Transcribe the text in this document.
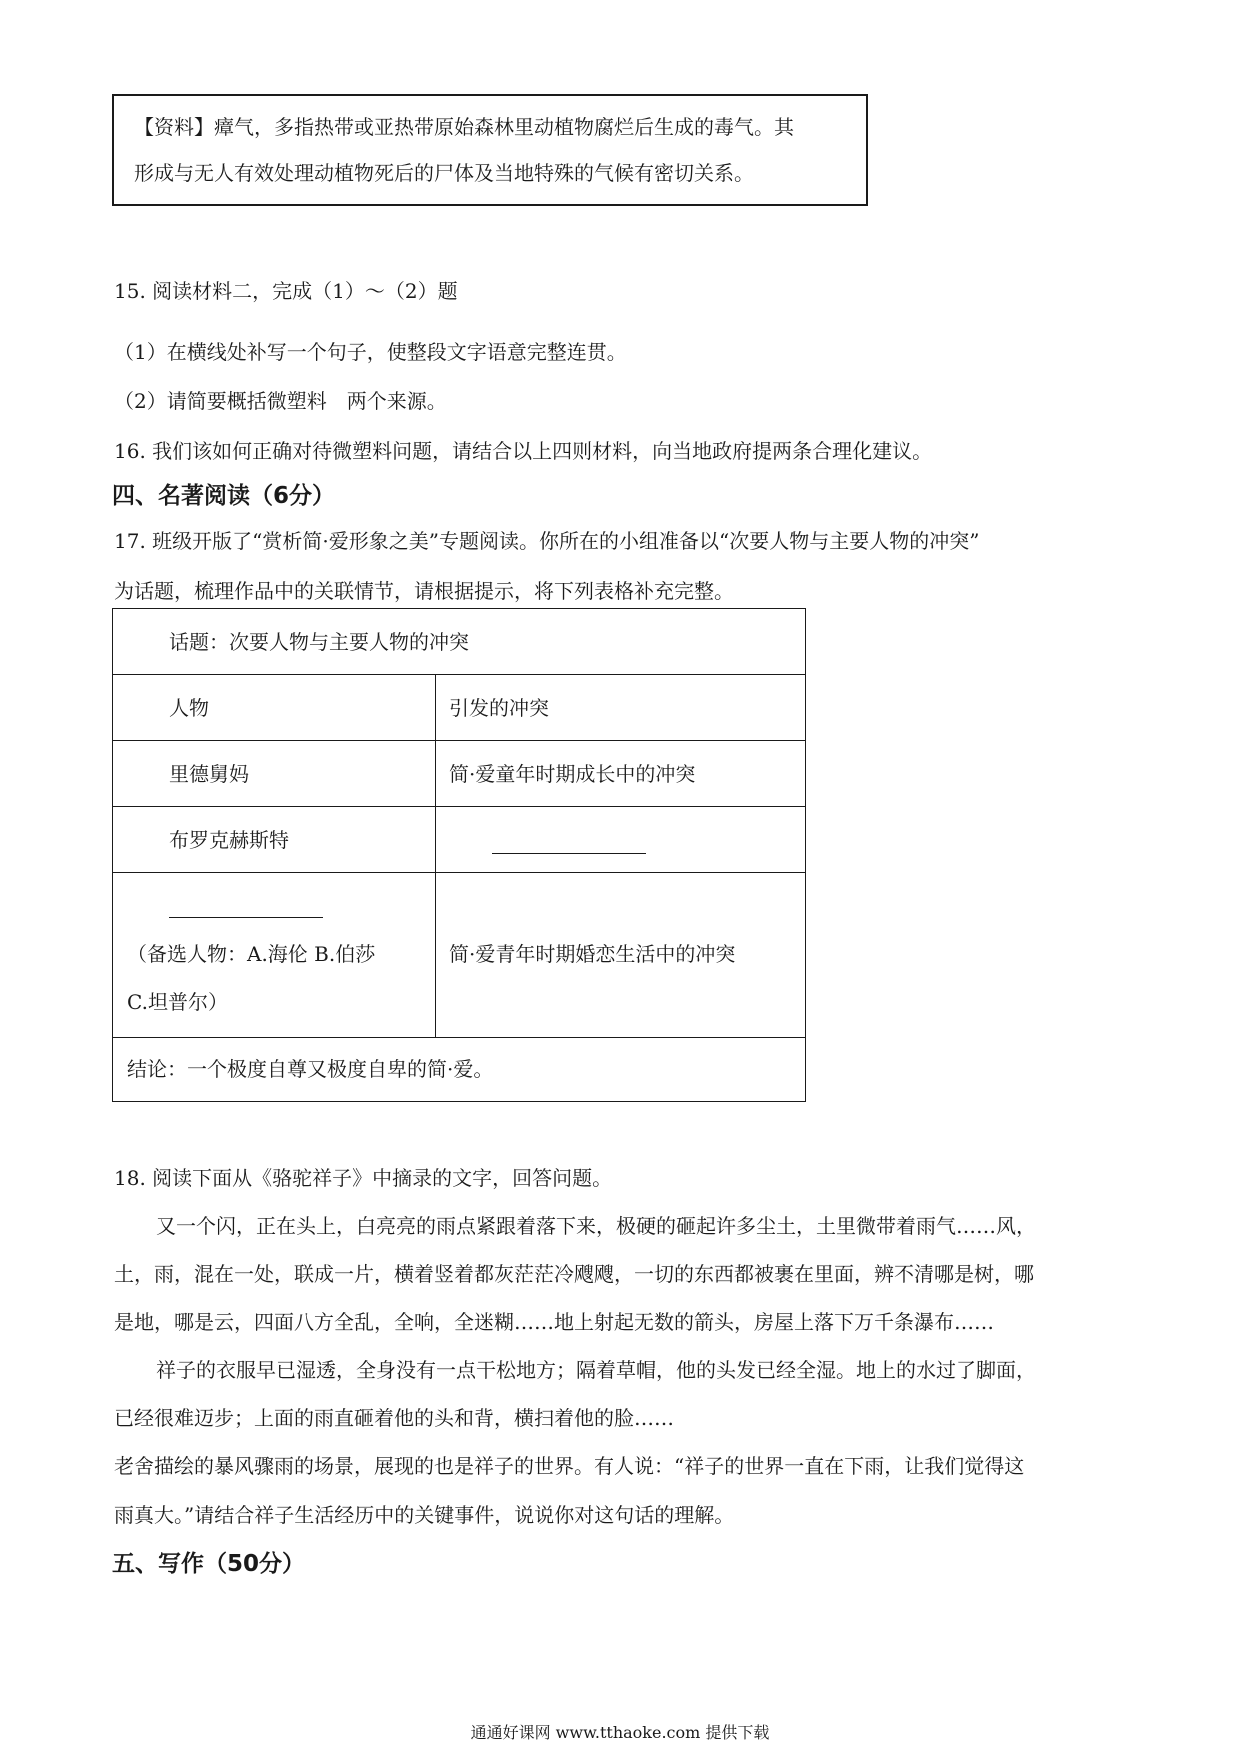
【资料】瘴气，多指热带或亚热带原始森林里动植物腐烂后生成的毒气。其
形成与无人有效处理动植物死后的尸体及当地特殊的气候有密切关系。
15. 阅读材料二，完成（1）～（2）题
（1）在横线处补写一个句子，使整段文字语意完整连贯。
（2）请简要概括微塑料　两个来源。
16. 我们该如何正确对待微塑料问题，请结合以上四则材料，向当地政府提两条合理化建议。
四、名著阅读（6分）
17. 班级开版了“赏析简·爱形象之美”专题阅读。你所在的小组准备以“次要人物与主要人物的冲突”
为话题，梳理作品中的关联情节，请根据提示，将下列表格补充完整。
话题：次要人物与主要人物的冲突
人物	引发的冲突
里德舅妈	简·爱童年时期成长中的冲突
布罗克赫斯特
（备选人物：A.海伦 B.伯莎
C.坦普尔）
简·爱青年时期婚恋生活中的冲突
结论：一个极度自尊又极度自卑的简·爱。
18. 阅读下面从《骆驼祥子》中摘录的文字，回答问题。
又一个闪，正在头上，白亮亮的雨点紧跟着落下来，极硬的砸起许多尘土，土里微带着雨气……风，
土，雨，混在一处，联成一片，横着竖着都灰茫茫冷飕飕，一切的东西都被裹在里面，辨不清哪是树，哪
是地，哪是云，四面八方全乱，全响，全迷糊……地上射起无数的箭头，房屋上落下万千条瀑布……
祥子的衣服早已湿透，全身没有一点干松地方；隔着草帽，他的头发已经全湿。地上的水过了脚面，
已经很难迈步；上面的雨直砸着他的头和背，横扫着他的脸……
老舍描绘的暴风骤雨的场景，展现的也是祥子的世界。有人说：“祥子的世界一直在下雨，让我们觉得这
雨真大。”请结合祥子生活经历中的关键事件，说说你对这句话的理解。
五、写作（50分）
通通好课网 www.tthaoke.com 提供下载
